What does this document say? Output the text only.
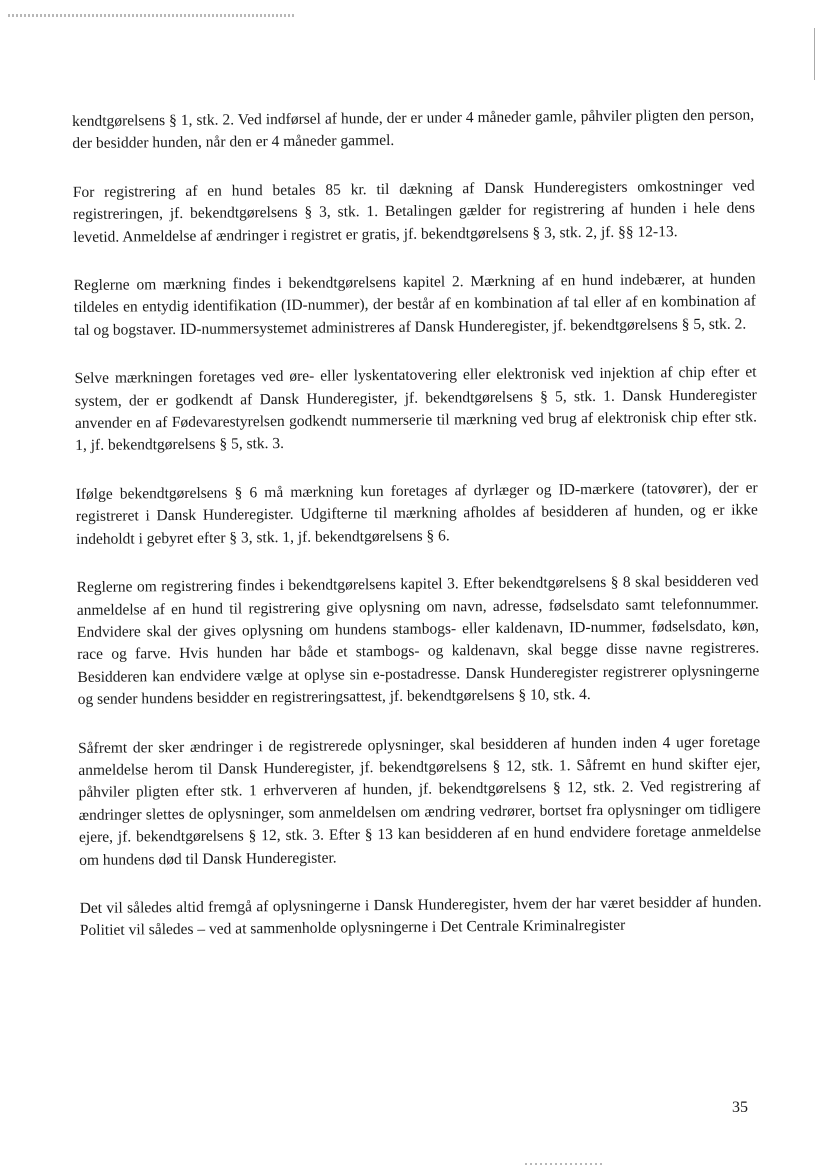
kendtgørelsens § 1, stk. 2. Ved indførsel af hunde, der er under 4 måneder gamle, påhviler pligten den person, der besidder hunden, når den er 4 måneder gammel.

For registrering af en hund betales 85 kr. til dækning af Dansk Hunderegisters omkostninger ved registreringen, jf. bekendtgørelsens § 3, stk. 1. Betalingen gælder for registrering af hunden i hele dens levetid. Anmeldelse af ændringer i registret er gratis, jf. bekendtgørelsens § 3, stk. 2, jf. §§ 12-13.

Reglerne om mærkning findes i bekendtgørelsens kapitel 2. Mærkning af en hund indebærer, at hunden tildeles en entydig identifikation (ID-nummer), der består af en kombination af tal eller af en kombination af tal og bogstaver. ID-nummersystemet administreres af Dansk Hunderegister, jf. bekendtgørelsens § 5, stk. 2.

Selve mærkningen foretages ved øre- eller lyskentatovering eller elektronisk ved injektion af chip efter et system, der er godkendt af Dansk Hunderegister, jf. bekendtgørelsens § 5, stk. 1. Dansk Hunderegister anvender en af Fødevarestyrelsen godkendt nummerserie til mærkning ved brug af elektronisk chip efter stk. 1, jf. bekendtgørelsens § 5, stk. 3.

Ifølge bekendtgørelsens § 6 må mærkning kun foretages af dyrlæger og ID-mærkere (tatovører), der er registreret i Dansk Hunderegister. Udgifterne til mærkning afholdes af besidderen af hunden, og er ikke indeholdt i gebyret efter § 3, stk. 1, jf. bekendtgørelsens § 6.

Reglerne om registrering findes i bekendtgørelsens kapitel 3. Efter bekendtgørelsens § 8 skal besidderen ved anmeldelse af en hund til registrering give oplysning om navn, adresse, fødselsdato samt telefonnummer. Endvidere skal der gives oplysning om hundens stambogs- eller kaldenavn, ID-nummer, fødselsdato, køn, race og farve. Hvis hunden har både et stambogs- og kaldenavn, skal begge disse navne registreres. Besidderen kan endvidere vælge at oplyse sin e-postadresse. Dansk Hunderegister registrerer oplysningerne og sender hundens besidder en registreringsattest, jf. bekendtgørelsens § 10, stk. 4.

Såfremt der sker ændringer i de registrerede oplysninger, skal besidderen af hunden inden 4 uger foretage anmeldelse herom til Dansk Hunderegister, jf. bekendtgørelsens § 12, stk. 1. Såfremt en hund skifter ejer, påhviler pligten efter stk. 1 erhververen af hunden, jf. bekendtgørelsens § 12, stk. 2. Ved registrering af ændringer slettes de oplysninger, som anmeldelsen om ændring vedrører, bortset fra oplysninger om tidligere ejere, jf. bekendtgørelsens § 12, stk. 3. Efter § 13 kan besidderen af en hund endvidere foretage anmeldelse om hundens død til Dansk Hunderegister.

Det vil således altid fremgå af oplysningerne i Dansk Hunderegister, hvem der har været besidder af hunden. Politiet vil således – ved at sammenholde oplysningerne i Det Centrale Kriminalregister

35
